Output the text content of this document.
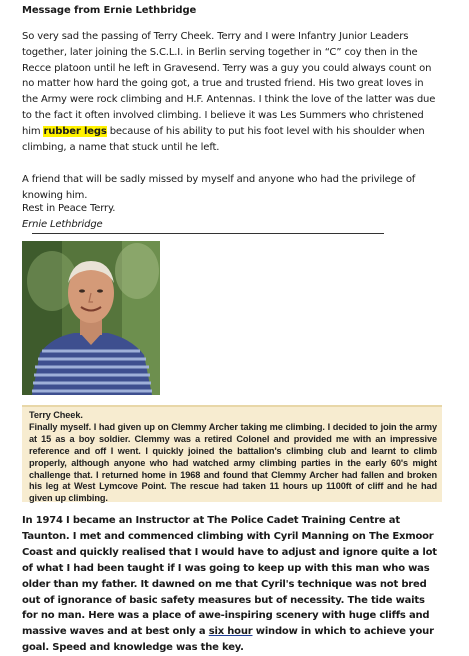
Message from Ernie Lethbridge
So very sad the passing of Terry Cheek. Terry and I were Infantry Junior Leaders together, later joining the S.C.L.I. in Berlin serving together in “C” coy then in the Recce platoon until he left in Gravesend. Terry was a guy you could always count on no matter how hard the going got, a true and trusted friend. His two great loves in the Army were rock climbing and H.F. Antennas. I think the love of the latter was due to the fact it often involved climbing. I believe it was Les Summers who christened him rubber legs because of his ability to put his foot level with his shoulder when climbing, a name that stuck until he left.
A friend that will be sadly missed by myself and anyone who had the privilege of knowing him.
Rest in Peace Terry.
Ernie Lethbridge
Terry Cheek.
Finally myself. I had given up on Clemmy Archer taking me climbing. I decided to join the army at 15 as a boy soldier. Clemmy was a retired Colonel and provided me with an impressive reference and off I went. I quickly joined the battalion's climbing club and learnt to climb properly, although anyone who had watched army climbing parties in the early 60's might challenge that. I returned home in 1968 and found that Clemmy Archer had fallen and broken his leg at West Lymcove Point. The rescue had taken 11 hours up 1100ft of cliff and he had given up climbing.
In 1974 I became an Instructor at The Police Cadet Training Centre at Taunton. I met and commenced climbing with Cyril Manning on The Exmoor Coast and quickly realised that I would have to adjust and ignore quite a lot of what I had been taught if I was going to keep up with this man who was older than my father. It dawned on me that Cyril's technique was not bred out of ignorance of basic safety measures but of necessity. The tide waits for no man. Here was a place of awe-inspiring scenery with huge cliffs and massive waves and at best only a six hour window in which to achieve your goal. Speed and knowledge was the key.
